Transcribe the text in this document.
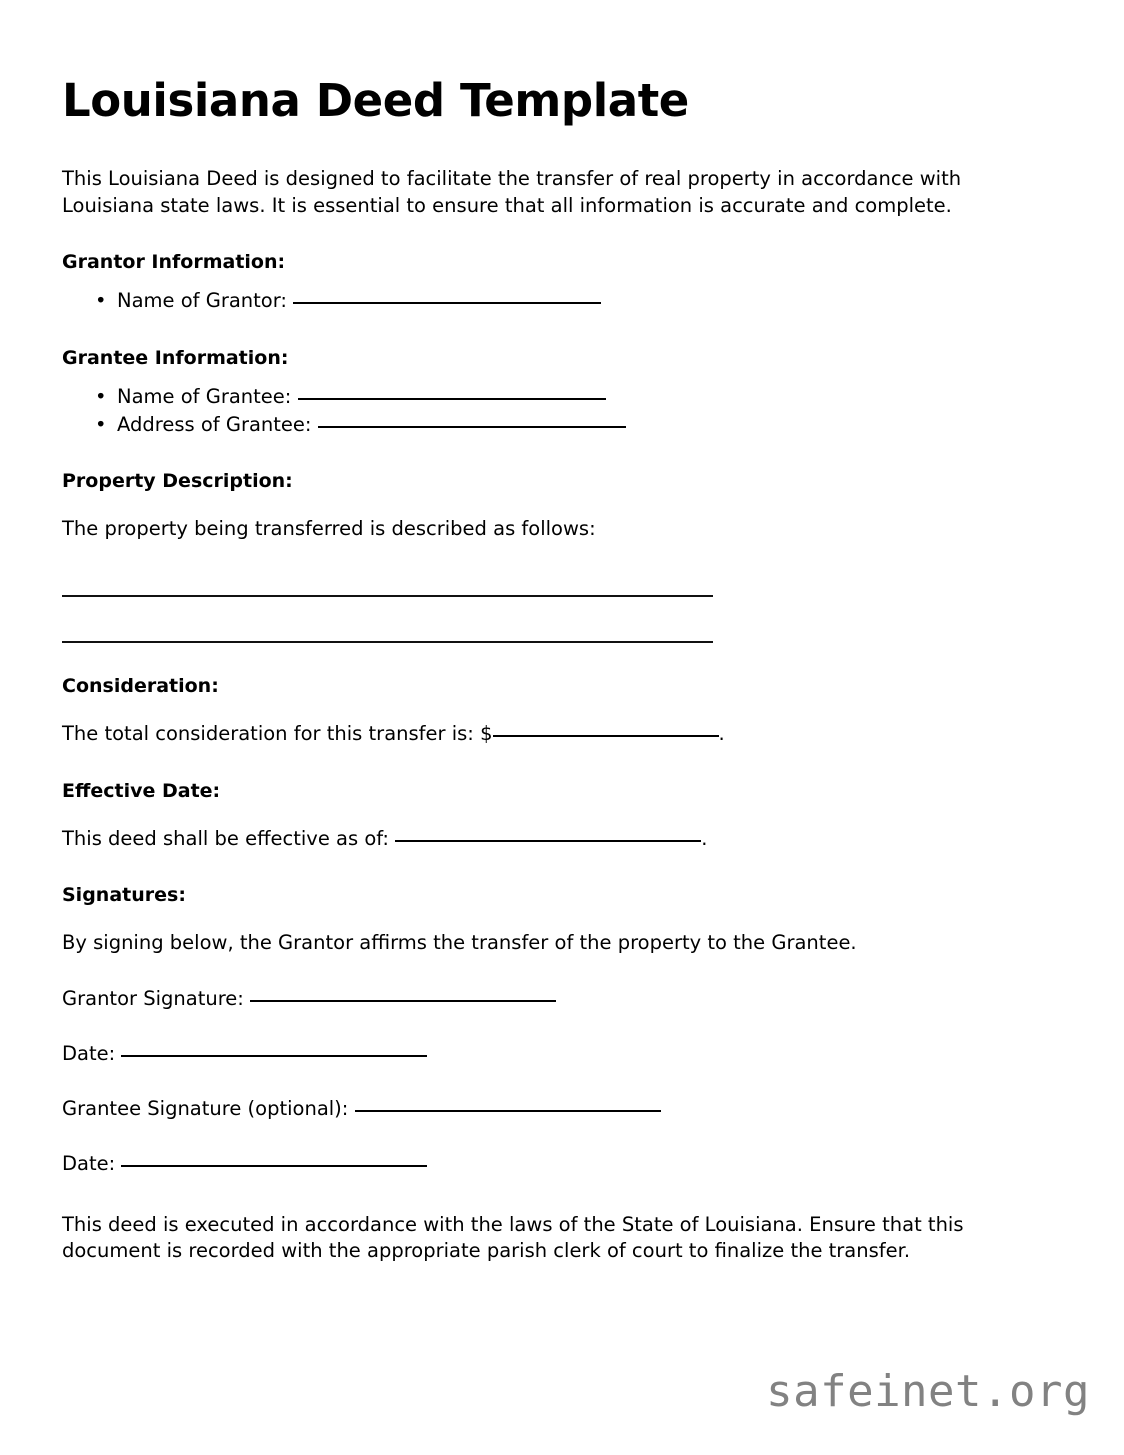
Louisiana Deed Template

This Louisiana Deed is designed to facilitate the transfer of real property in accordance with Louisiana state laws. It is essential to ensure that all information is accurate and complete.

Grantor Information:
• Name of Grantor:
Grantee Information:
• Name of Grantee:
• Address of Grantee:
Property Description:

The property being transferred is described as follows:

Consideration:

The total consideration for this transfer is: $	.

Effective Date:

This deed shall be effective as of:	.

Signatures:

By signing below, the Grantor affirms the transfer of the property to the Grantee.

Grantor Signature:

Date:

Grantee Signature (optional):

Date:

This deed is executed in accordance with the laws of the State of Louisiana. Ensure that this document is recorded with the appropriate parish clerk of court to finalize the transfer.

safeinet.org
